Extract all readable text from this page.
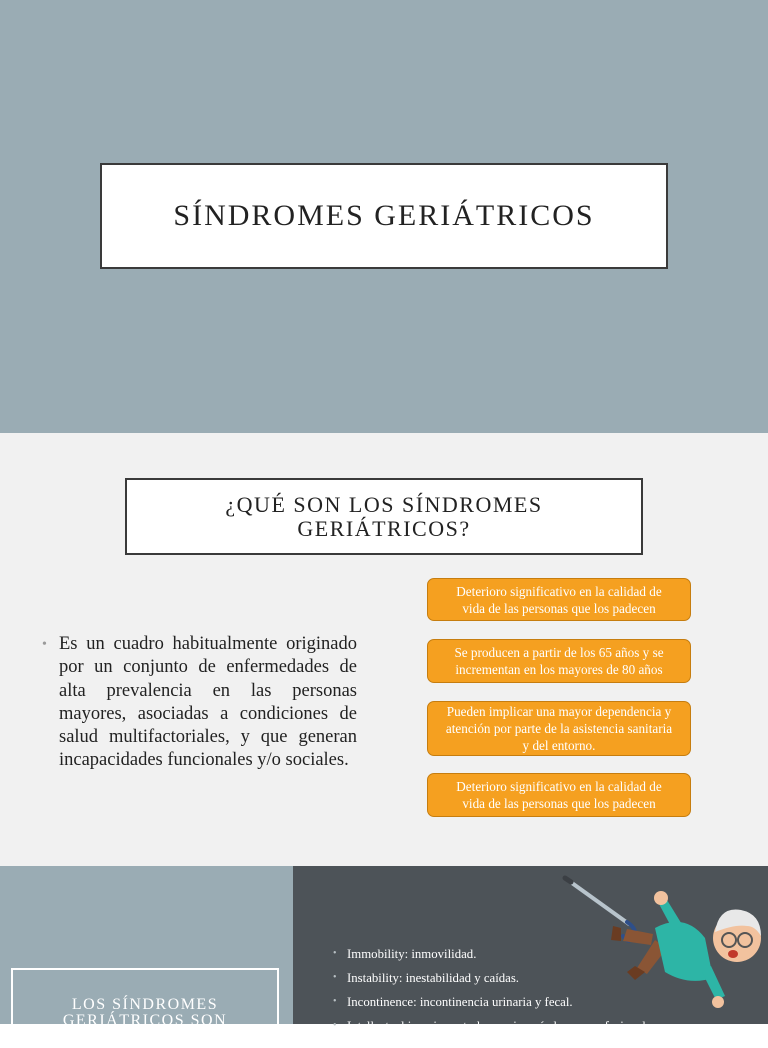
SÍNDROMES GERIÁTRICOS
¿QUÉ SON LOS SÍNDROMES
GERIÁTRICOS?
• Es un cuadro habitualmente originado por un conjunto de enfermedades de alta prevalencia en las personas mayores, asociadas a condiciones de salud multifactoriales, y que generan incapacidades funcionales y/o sociales.
Deterioro significativo en la calidad de
vida de las personas que los padecen
Se producen a partir de los 65 años y se
incrementan en los mayores de 80 años
Pueden implicar una mayor dependencia y
atención por parte de la asistencia sanitaria
y del entorno.
Deterioro significativo en la calidad de
vida de las personas que los padecen
LOS SÍNDROMES
GERIÁTRICOS SON
• Immobility: inmovilidad.
• Instability: inestabilidad y caídas.
• Incontinence: incontinencia urinaria y fecal.
• Intellectual impairment: demencia y síndrome confusional.
